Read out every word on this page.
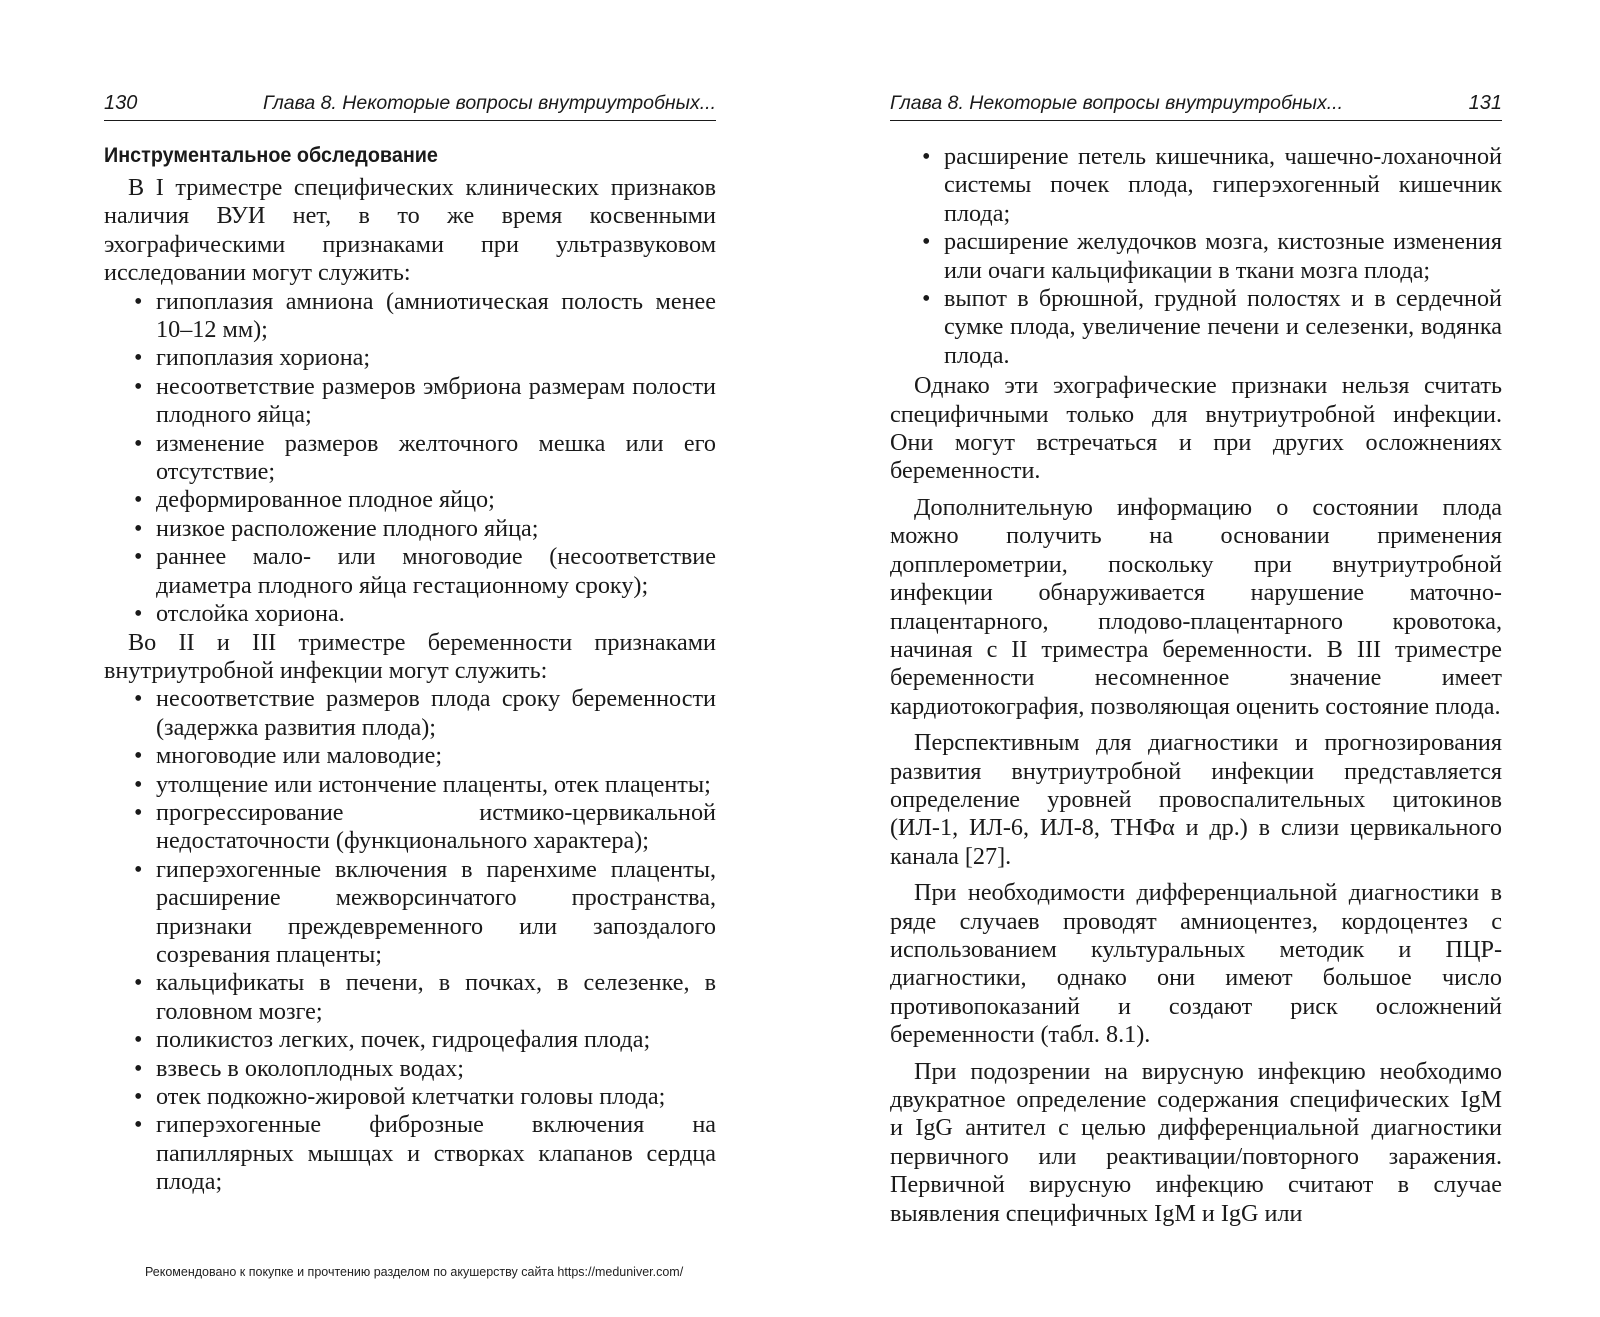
130	Глава 8. Некоторые вопросы внутриутробных...
Инструментальное обследование

В I триместре специфических клинических признаков наличия ВУИ нет, в то же время косвенными эхографическими признаками при ультразвуковом исследовании могут служить:

• гипоплазия амниона (амниотическая полость менее 10–12 мм);
• гипоплазия хориона;
• несоответствие размеров эмбриона размерам полости плодного яйца;
• изменение размеров желточного мешка или его отсутствие;
• деформированное плодное яйцо;
• низкое расположение плодного яйца;
• раннее мало- или многоводие (несоответствие диаметра плодного яйца гестационному сроку);
• отслойка хориона.

Во II и III триместре беременности признаками внутриутробной инфекции могут служить:

• несоответствие размеров плода сроку беременности (задержка развития плода);
• многоводие или маловодие;
• утолщение или истончение плаценты, отек плаценты;
• прогрессирование истмико-цервикальной недостаточности (функционального характера);
• гиперэхогенные включения в паренхиме плаценты, расширение межворсинчатого пространства, признаки преждевременного или запоздалого созревания плаценты;
• кальцификаты в печени, в почках, в селезенке, в головном мозге;
• поликистоз легких, почек, гидроцефалия плода;
• взвесь в околоплодных водах;
• отек подкожно-жировой клетчатки головы плода;
• гиперэхогенные фиброзные включения на папиллярных мышцах и створках клапанов сердца плода;
Глава 8. Некоторые вопросы внутриутробных...	131
• расширение петель кишечника, чашечно-лоханочной системы почек плода, гиперэхогенный кишечник плода;
• расширение желудочков мозга, кистозные изменения или очаги кальцификации в ткани мозга плода;
• выпот в брюшной, грудной полостях и в сердечной сумке плода, увеличение печени и селезенки, водянка плода.

Однако эти эхографические признаки нельзя считать специфичными только для внутриутробной инфекции. Они могут встречаться и при других осложнениях беременности.

Дополнительную информацию о состоянии плода можно получить на основании применения допплерометрии, поскольку при внутриутробной инфекции обнаруживается нарушение маточно-плацентарного, плодово-плацентарного кровотока, начиная с II триместра беременности. В III триместре беременности несомненное значение имеет кардиотокография, позволяющая оценить состояние плода.

Перспективным для диагностики и прогнозирования развития внутриутробной инфекции представляется определение уровней провоспалительных цитокинов (ИЛ-1, ИЛ-6, ИЛ-8, ТНФα и др.) в слизи цервикального канала [27].

При необходимости дифференциальной диагностики в ряде случаев проводят амниоцентез, кордоцентез с использованием культуральных методик и ПЦР-диагностики, однако они имеют большое число противопоказаний и создают риск осложнений беременности (табл. 8.1).

При подозрении на вирусную инфекцию необходимо двукратное определение содержания специфических IgM и IgG антител с целью дифференциальной диагностики первичного или реактивации/повторного заражения. Первичной вирусную инфекцию считают в случае выявления специфичных IgM и IgG или

Рекомендовано к покупке и прочтению разделом по акушерству сайта https://meduniver.com/
